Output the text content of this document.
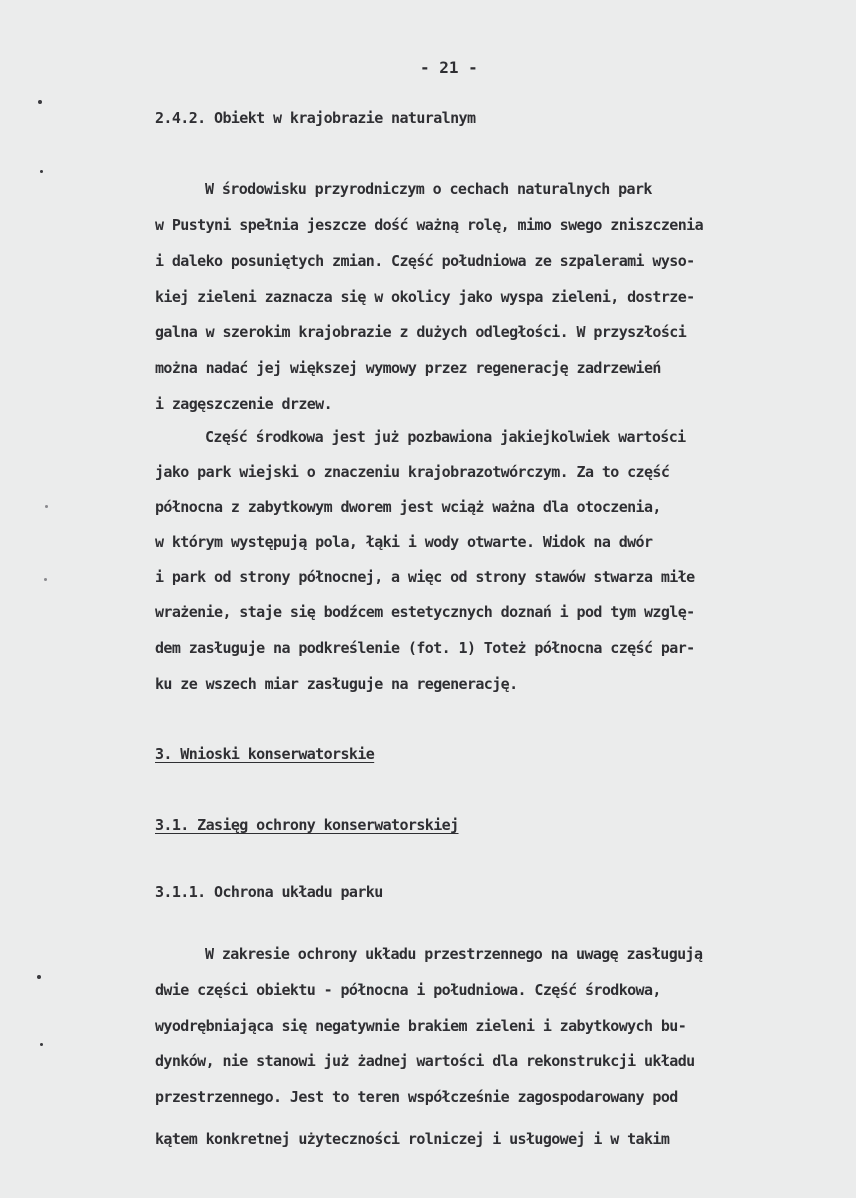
- 21 -
2.4.2. Obiekt w krajobrazie naturalnym
W środowisku przyrodniczym o cechach naturalnych park
w Pustyni spełnia jeszcze dość ważną rolę, mimo swego zniszczenia
i daleko posuniętych zmian. Część południowa ze szpalerami wyso-
kiej zieleni zaznacza się w okolicy jako wyspa zieleni, dostrze-
galna w szerokim krajobrazie z dużych odległości. W przyszłości
można nadać jej większej wymowy przez regenerację zadrzewień
i zagęszczenie drzew.
Część środkowa jest już pozbawiona jakiejkolwiek wartości
jako park wiejski o znaczeniu krajobrazotwórczym. Za to część
północna z zabytkowym dworem jest wciąż ważna dla otoczenia,
w którym występują pola, łąki i wody otwarte. Widok na dwór
i park od strony północnej, a więc od strony stawów stwarza miłe
wrażenie, staje się bodźcem estetycznych doznań i pod tym wzglę-
dem zasługuje na podkreślenie (fot. 1) Toteż północna część par-
ku ze wszech miar zasługuje na regenerację.
3. Wnioski konserwatorskie
3.1. Zasięg ochrony konserwatorskiej
3.1.1. Ochrona układu parku
W zakresie ochrony układu przestrzennego na uwagę zasługują
dwie części obiektu - północna i południowa. Część środkowa,
wyodrębniająca się negatywnie brakiem zieleni i zabytkowych bu-
dynków, nie stanowi już żadnej wartości dla rekonstrukcji układu
przestrzennego. Jest to teren współcześnie zagospodarowany pod
kątem konkretnej użyteczności rolniczej i usługowej i w takim
